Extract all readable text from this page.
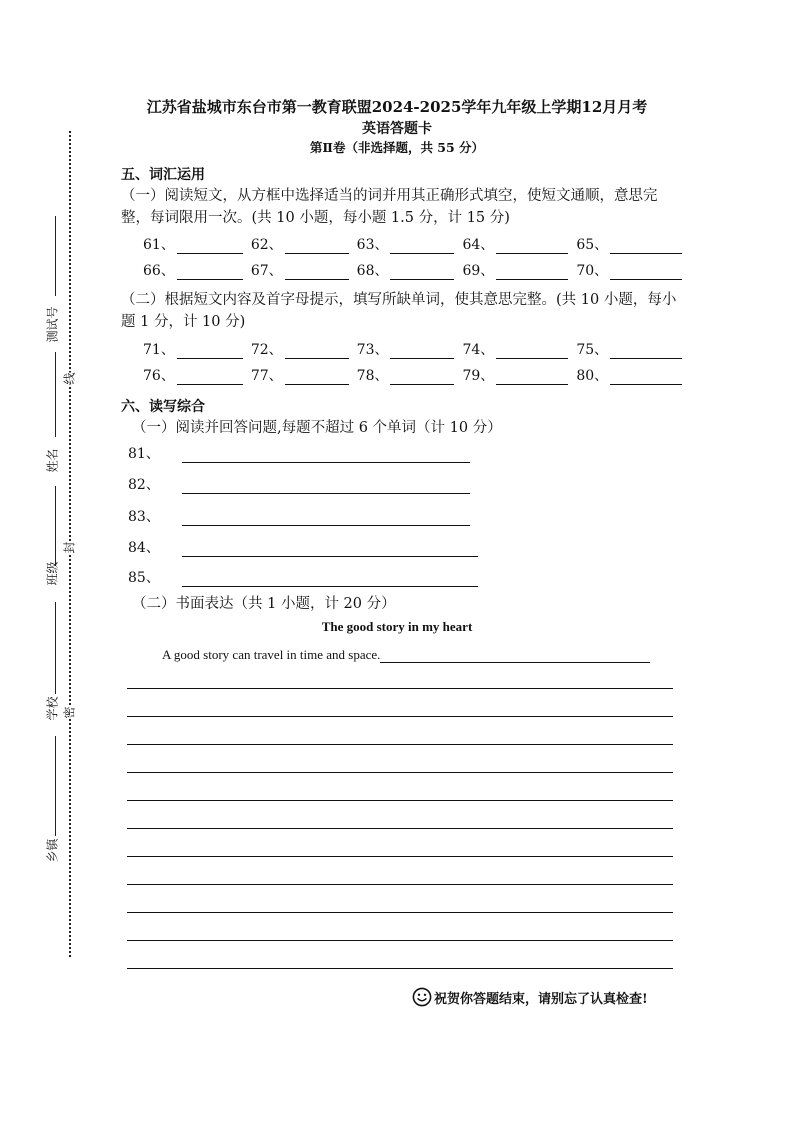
线
封
密
测试号
姓名
班级
学校
乡镇
江苏省盐城市东台市第一教育联盟2024-2025学年九年级上学期12月月考
英语答题卡
第Ⅱ卷（非选择题，共 55 分）
五、词汇运用
（一）阅读短文，从方框中选择适当的词并用其正确形式填空，使短文通顺，意思完整，每词限用一次。(共 10 小题，每小题 1.5 分，计 15 分)
61、	62、	63、	64、	65、
66、	67、	68、	69、	70、
（二）根据短文内容及首字母提示，填写所缺单词，使其意思完整。(共 10 小题，每小题 1 分，计 10 分)
71、	72、	73、	74、	75、
76、	77、	78、	79、	80、
六、读写综合
（一）阅读并回答问题,每题不超过 6 个单词（计 10 分）
81、
82、
83、
84、
85、
（二）书面表达（共 1 小题，计 20 分）
The good story in my heart
A good story can travel in time and space.
祝贺你答题结束，请别忘了认真检查!
